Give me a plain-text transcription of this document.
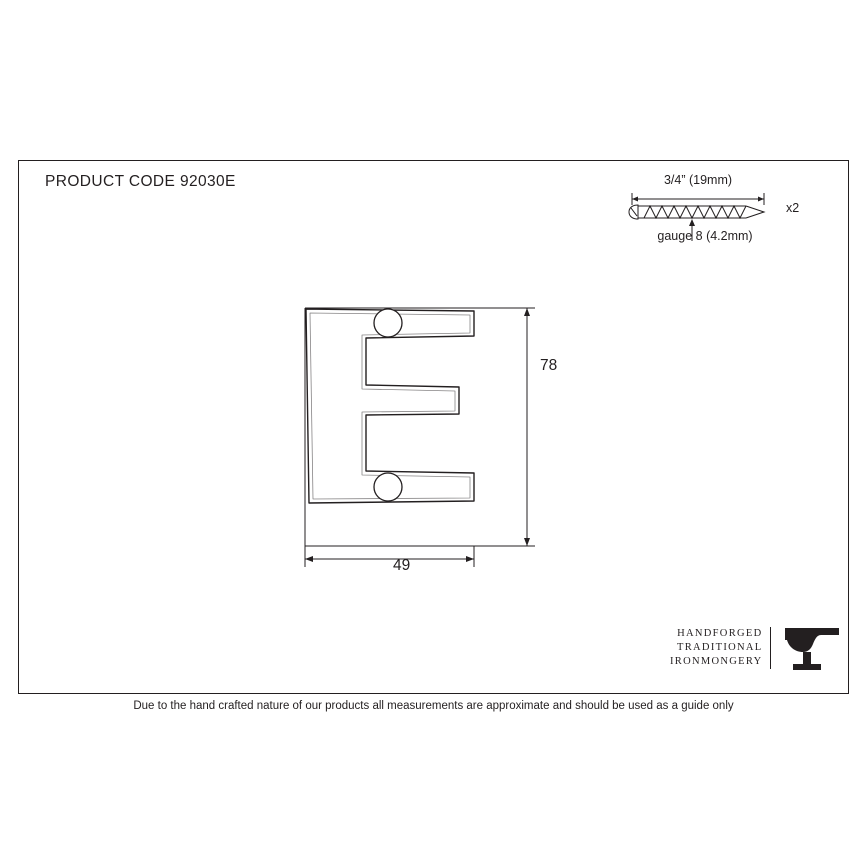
PRODUCT CODE 92030E	3/4” (19mm)
x2
gauge 8 (4.2mm)
78
49
HANDFORGED
TRADITIONAL
IRONMONGERY
Due to the hand crafted nature of our products all measurements are approximate and should be used as a guide only
